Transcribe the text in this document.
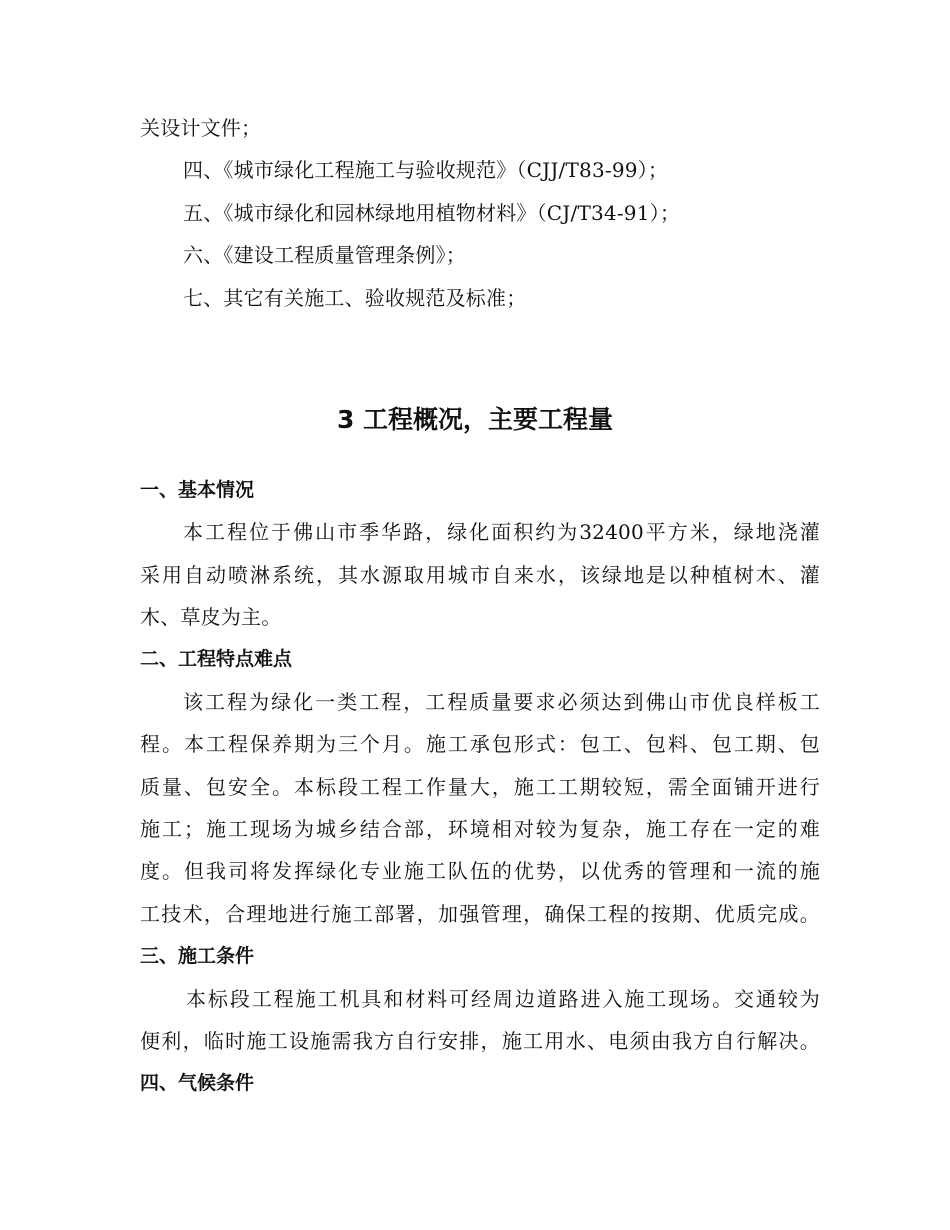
关设计文件；
四、《城市绿化工程施工与验收规范》（CJJ/T83-99）；
五、《城市绿化和园林绿地用植物材料》（CJ/T34-91）；
六、《建设工程质量管理条例》；
七、其它有关施工、验收规范及标准；
3 工程概况，主要工程量
一、基本情况
本工程位于佛山市季华路，绿化面积约为32400平方米，绿地浇灌
采用自动喷淋系统，其水源取用城市自来水，该绿地是以种植树木、灌
木、草皮为主。
二、工程特点难点
该工程为绿化一类工程，工程质量要求必须达到佛山市优良样板工
程。本工程保养期为三个月。施工承包形式：包工、包料、包工期、包
质量、包安全。本标段工程工作量大，施工工期较短，需全面铺开进行
施工；施工现场为城乡结合部，环境相对较为复杂，施工存在一定的难
度。但我司将发挥绿化专业施工队伍的优势，以优秀的管理和一流的施
工技术，合理地进行施工部署，加强管理，确保工程的按期、优质完成。
三、施工条件
本标段工程施工机具和材料可经周边道路进入施工现场。交通较为
便利，临时施工设施需我方自行安排，施工用水、电须由我方自行解决。
四、气候条件
